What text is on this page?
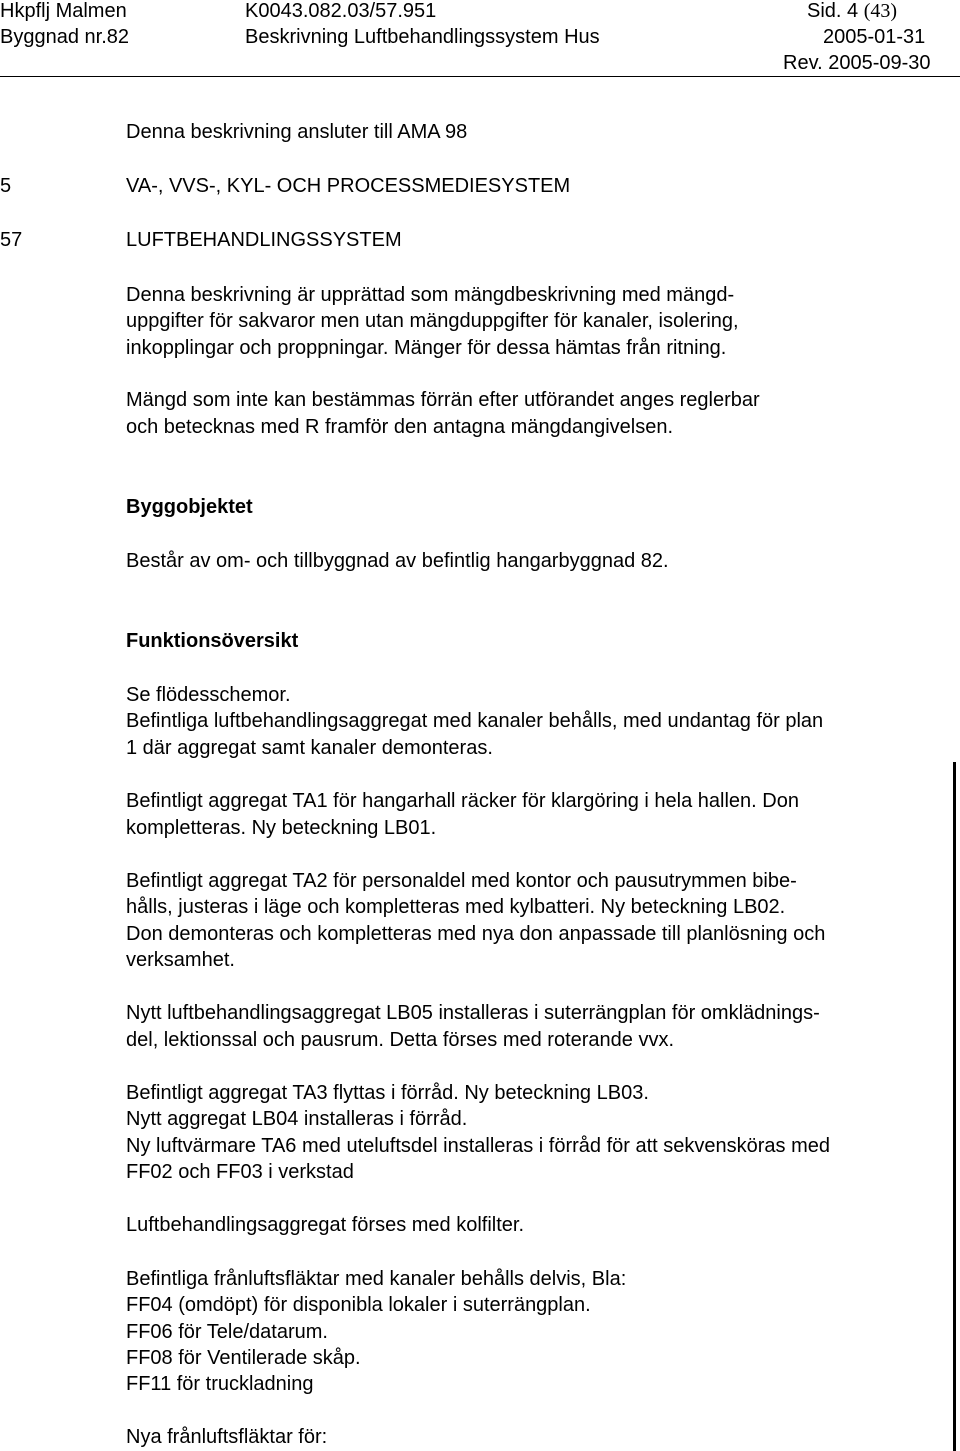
Hkpflj Malmen	K0043.082.03/57.951	Sid. 4 (43)
Byggnad nr.82	Beskrivning Luftbehandlingssystem Hus	2005-01-31
Rev. 2005-09-30
Denna beskrivning ansluter till AMA 98
5	VA-, VVS-, KYL- OCH PROCESSMEDIESYSTEM
57	LUFTBEHANDLINGSSYSTEM
Denna beskrivning är upprättad som mängdbeskrivning med mängd-
uppgifter för sakvaror men utan mängduppgifter för kanaler, isolering,
inkopplingar och proppningar. Mänger för dessa hämtas från ritning.
Mängd som inte kan bestämmas förrän efter utförandet anges reglerbar
och betecknas med R framför den antagna mängdangivelsen.
Byggobjektet
Består av om- och tillbyggnad av befintlig hangarbyggnad 82.
Funktionsöversikt
Se flödesschemor.
Befintliga luftbehandlingsaggregat med kanaler behålls, med undantag för plan
1 där aggregat samt kanaler demonteras.
Befintligt aggregat TA1 för hangarhall räcker för klargöring i hela hallen. Don
kompletteras. Ny beteckning LB01.
Befintligt aggregat TA2 för personaldel med kontor och pausutrymmen bibe-
hålls, justeras i läge och kompletteras med kylbatteri. Ny beteckning LB02.
Don demonteras och kompletteras med nya don anpassade till planlösning och
verksamhet.
Nytt luftbehandlingsaggregat LB05 installeras i suterrängplan för omklädnings-
del, lektionssal och pausrum. Detta förses med roterande vvx.
Befintligt aggregat TA3 flyttas i förråd. Ny beteckning LB03.
Nytt aggregat LB04 installeras i förråd.
Ny luftvärmare TA6 med uteluftsdel installeras i förråd för att sekvensköras med
FF02 och FF03 i verkstad
Luftbehandlingsaggregat förses med kolfilter.
Befintliga frånluftsfläktar med kanaler behålls delvis, Bla:
FF04 (omdöpt) för disponibla lokaler i suterrängplan.
FF06 för Tele/datarum.
FF08 för Ventilerade skåp.
FF11 för truckladning
Nya frånluftsfläktar för:
